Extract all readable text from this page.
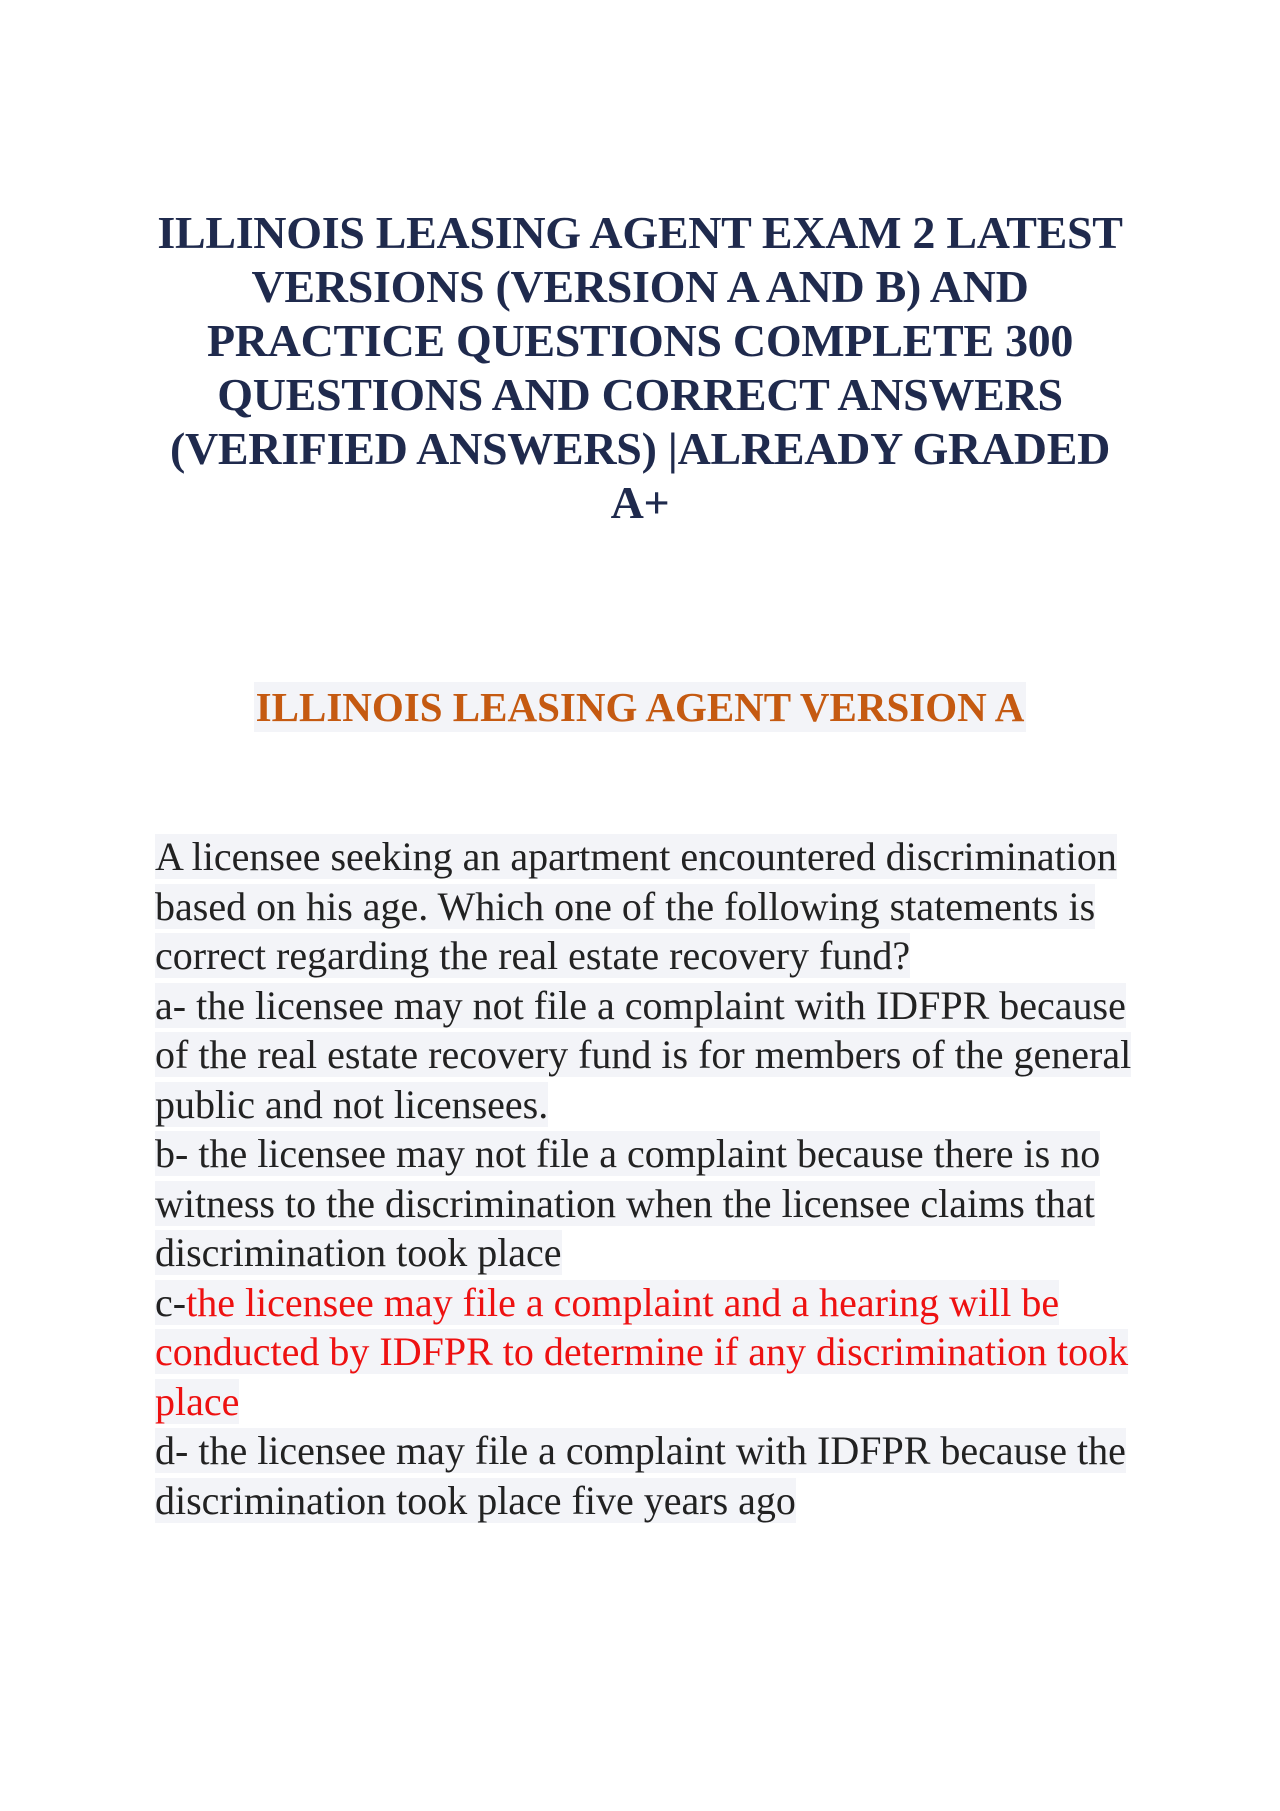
ILLINOIS LEASING AGENT EXAM 2 LATEST VERSIONS (VERSION A AND B) AND PRACTICE QUESTIONS COMPLETE 300 QUESTIONS AND CORRECT ANSWERS (VERIFIED ANSWERS) |ALREADY GRADED A+
ILLINOIS LEASING AGENT VERSION A
A licensee seeking an apartment encountered discrimination based on his age. Which one of the following statements is correct regarding the real estate recovery fund?
a- the licensee may not file a complaint with IDFPR because of the real estate recovery fund is for members of the general public and not licensees.
b- the licensee may not file a complaint because there is no witness to the discrimination when the licensee claims that discrimination took place
c-the licensee may file a complaint and a hearing will be conducted by IDFPR to determine if any discrimination took place
d- the licensee may file a complaint with IDFPR because the discrimination took place five years ago
